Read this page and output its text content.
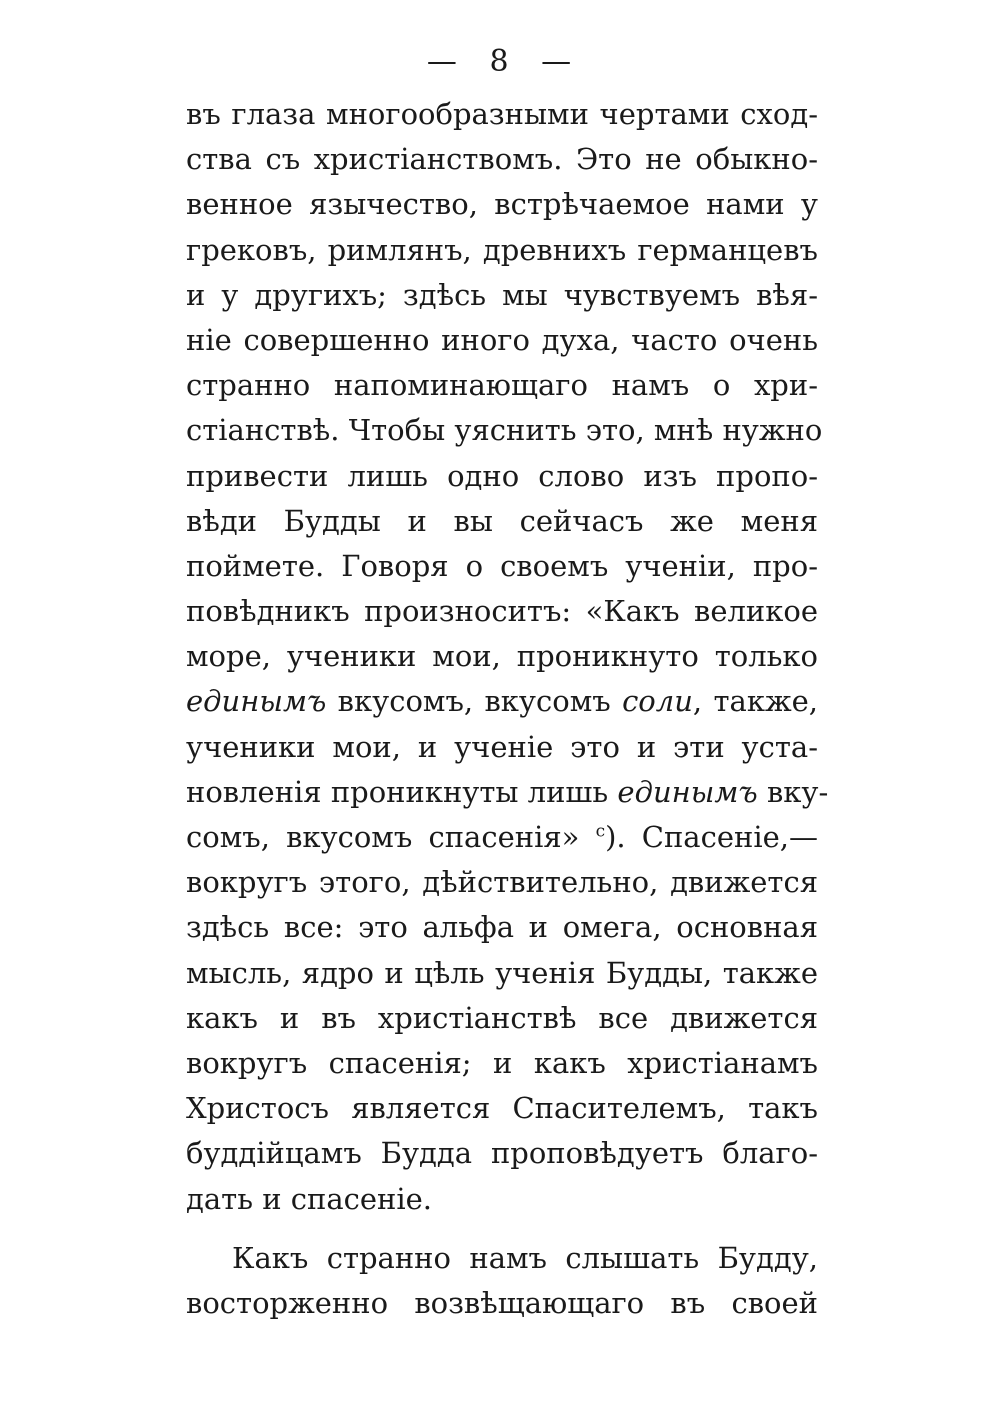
— 8 —
въ глаза многообразными чертами сход-
ства съ христіанствомъ. Это не обыкно-
венное язычество, встрѣчаемое нами у
грековъ, римлянъ, древнихъ германцевъ
и у другихъ; здѣсь мы чувствуемъ вѣя-
ніе совершенно иного духа, часто очень
странно напоминающаго намъ о хри-
стіанствѣ. Чтобы уяснить это, мнѣ нужно
привести лишь одно слово изъ пропо-
вѣди Будды и вы сейчасъ же меня
поймете. Говоря о своемъ ученіи, про-
повѣдникъ произноситъ: «Какъ великое
море, ученики мои, проникнуто только
единымъ вкусомъ, вкусомъ соли, также,
ученики мои, и ученіе это и эти уста-
новленія проникнуты лишь единымъ вку-
сомъ, вкусомъ спасенія» $^c$). Спасеніе,—
вокругъ этого, дѣйствительно, движется
здѣсь все: это альфа и омега, основная
мысль, ядро и цѣль ученія Будды, также
какъ и въ христіанствѣ все движется
вокругъ спасенія; и какъ христіанамъ
Христосъ является Спасителемъ, такъ
буддійцамъ Будда проповѣдуетъ благо-
дать и спасеніе.
Какъ странно намъ слышать Будду,
восторженно возвѣщающаго въ своей
